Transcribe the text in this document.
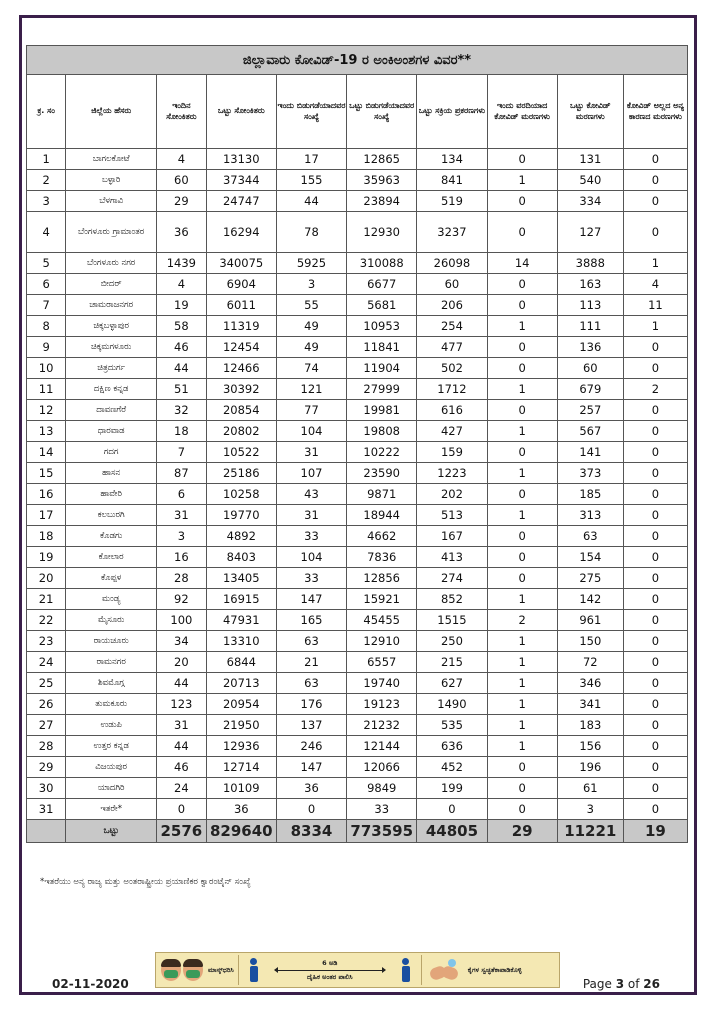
ಜಿಲ್ಲಾವಾರು ಕೋವಿಡ್‌-19 ರ ಅಂಕಿಅಂಶಗಳ ವಿವರ**									
ಕ್ರ. ಸಂ	ಜಿಲ್ಲೆಯ ಹೆಸರು	ಇಂದಿನ ಸೋಂಕಿತರು	ಒಟ್ಟು ಸೋಂಕಿತರು	ಇಂದು ಬಿಡುಗಡೆಯಾದವರ ಸಂಖ್ಯೆ	ಒಟ್ಟು ಬಿಡುಗಡೆಯಾದವರ ಸಂಖ್ಯೆ	ಒಟ್ಟು ಸಕ್ರಿಯ ಪ್ರಕರಣಗಳು	ಇಂದು ವರದಿಯಾದ ಕೋವಿಡ್‌ ಮರಣಗಳು	ಒಟ್ಟು ಕೋವಿಡ್‌ ಮರಣಗಳು	ಕೋವಿಡ್‌ ಅಲ್ಲದ ಅನ್ಯ ಕಾರಣದ ಮರಣಗಳು
1	ಬಾಗಲಕೋಟೆ	4	13130	17	12865	134	0	131	0
2	ಬಳ್ಳಾರಿ	60	37344	155	35963	841	1	540	0
3	ಬೆಳಗಾವಿ	29	24747	44	23894	519	0	334	0
4	ಬೆಂಗಳೂರು ಗ್ರಾಮಾಂತರ	36	16294	78	12930	3237	0	127	0
5	ಬೆಂಗಳೂರು ನಗರ	1439	340075	5925	310088	26098	14	3888	1
6	ಬೀದರ್‌	4	6904	3	6677	60	0	163	4
7	ಚಾಮರಾಜನಗರ	19	6011	55	5681	206	0	113	11
8	ಚಿಕ್ಕಬಳ್ಳಾಪುರ	58	11319	49	10953	254	1	111	1
9	ಚಿಕ್ಕಮಗಳೂರು	46	12454	49	11841	477	0	136	0
10	ಚಿತ್ರದುರ್ಗ	44	12466	74	11904	502	0	60	0
11	ದಕ್ಷಿಣ ಕನ್ನಡ	51	30392	121	27999	1712	1	679	2
12	ದಾವಣಗೆರೆ	32	20854	77	19981	616	0	257	0
13	ಧಾರವಾಡ	18	20802	104	19808	427	1	567	0
14	ಗದಗ	7	10522	31	10222	159	0	141	0
15	ಹಾಸನ	87	25186	107	23590	1223	1	373	0
16	ಹಾವೇರಿ	6	10258	43	9871	202	0	185	0
17	ಕಲಬುರಗಿ	31	19770	31	18944	513	1	313	0
18	ಕೊಡಗು	3	4892	33	4662	167	0	63	0
19	ಕೋಲಾರ	16	8403	104	7836	413	0	154	0
20	ಕೊಪ್ಪಳ	28	13405	33	12856	274	0	275	0
21	ಮಂಡ್ಯ	92	16915	147	15921	852	1	142	0
22	ಮೈಸೂರು	100	47931	165	45455	1515	2	961	0
23	ರಾಯಚೂರು	34	13310	63	12910	250	1	150	0
24	ರಾಮನಗರ	20	6844	21	6557	215	1	72	0
25	ಶಿವಮೊಗ್ಗ	44	20713	63	19740	627	1	346	0
26	ತುಮಕೂರು	123	20954	176	19123	1490	1	341	0
27	ಉಡುಪಿ	31	21950	137	21232	535	1	183	0
28	ಉತ್ತರ ಕನ್ನಡ	44	12936	246	12144	636	1	156	0
29	ವಿಜಯಪುರ	46	12714	147	12066	452	0	196	0
30	ಯಾದಗಿರಿ	24	10109	36	9849	199	0	61	0
31	ಇತರೇ*	0	36	0	33	0	0	3	0
	ಒಟ್ಟು	2576	829640	8334	773595	44805	29	11221	19
*ಇತರೆಯು ಅನ್ಯ ರಾಜ್ಯ ಮತ್ತು ಅಂತರಾಷ್ಟ್ರೀಯ ಪ್ರಯಾಣಿಕರ ಕ್ವಾರಂಟೈನ್‌ ಸಂಖ್ಯೆ
ಮಾಸ್ಕ್‌ ಧರಿಸಿ
6 ಅಡಿ
ದೈಹಿಕ ಅಂತರ ಪಾಲಿಸಿ
ಕೈಗಳ ಸ್ವಚ್ಛತೆ ಕಾಪಾಡಿಕೊಳ್ಳಿ
02-11-2020	Page 3 of 26
